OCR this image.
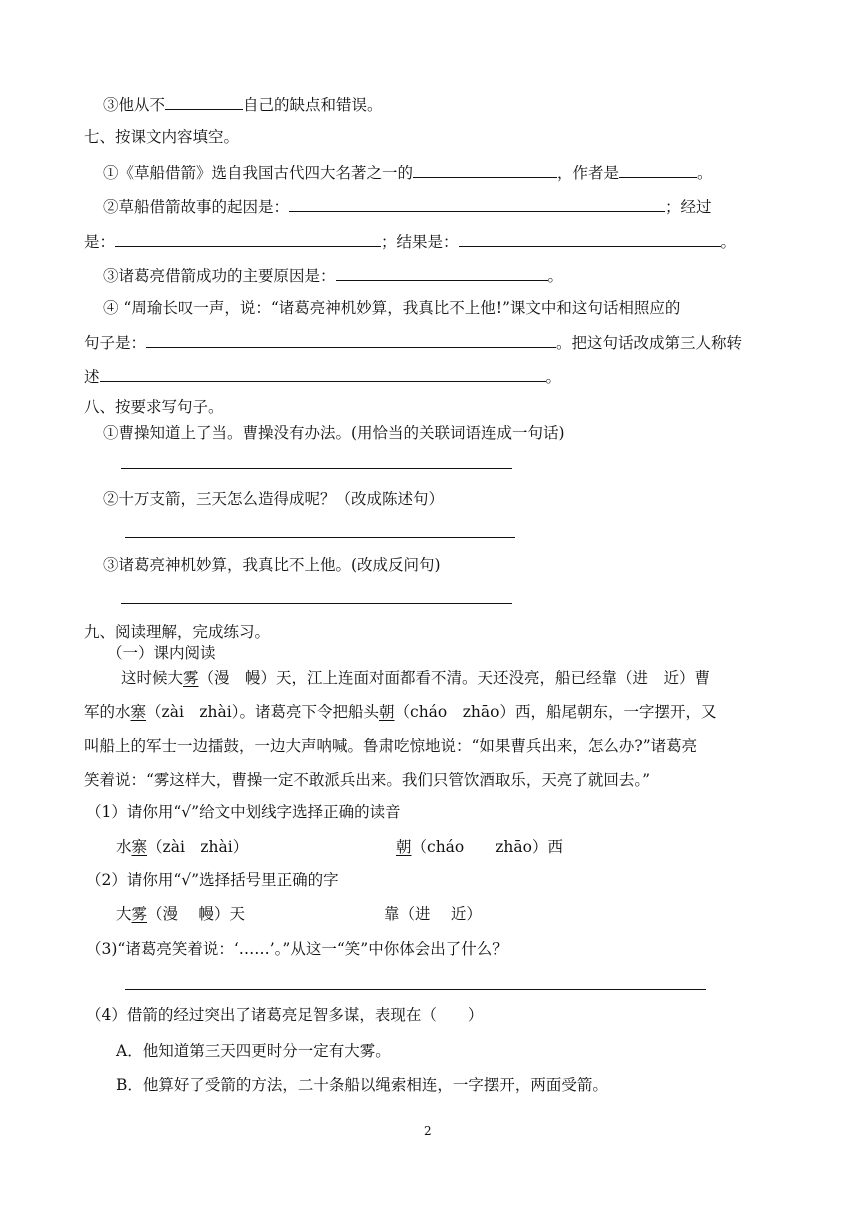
③他从不	自己的缺点和错误。
七、按课文内容填空。
①《草船借箭》选自我国古代四大名著之一的	，作者是	。
②草船借箭故事的起因是：	；经过
是：	；结果是：	。
③诸葛亮借箭成功的主要原因是：	。
④ “周瑜长叹一声，说：“诸葛亮神机妙算，我真比不上他!”课文中和这句话相照应的
句子是：	。把这句话改成第三人称转
述	。
八、按要求写句子。
①曹操知道上了当。曹操没有办法。(用恰当的关联词语连成一句话)
②十万支箭，三天怎么造得成呢？（改成陈述句）
③诸葛亮神机妙算，我真比不上他。(改成反问句)
九、阅读理解，完成练习。
（一）课内阅读
这时候大雾（漫　幔）天，江上连面对面都看不清。天还没亮，船已经靠（进　近）曹
军的水寨（zài　zhài）。诸葛亮下令把船头朝（cháo　zhāo）西，船尾朝东，一字摆开，又
叫船上的军士一边擂鼓，一边大声呐喊。鲁肃吃惊地说：“如果曹兵出来，怎么办?”诸葛亮
笑着说：“雾这样大，曹操一定不敢派兵出来。我们只管饮酒取乐，天亮了就回去。”
（1）请你用“√”给文中划线字选择正确的读音
水寨（zài　zhài）	朝（cháo　　zhāo）西
（2）请你用“√”选择括号里正确的字
大雾（漫　 幔）天	靠（进　 近）
（3)“诸葛亮笑着说：‘……’。”从这一“笑”中你体会出了什么？
（4）借箭的经过突出了诸葛亮足智多谋，表现在（　　）
A．他知道第三天四更时分一定有大雾。
B．他算好了受箭的方法，二十条船以绳索相连，一字摆开，两面受箭。
2
